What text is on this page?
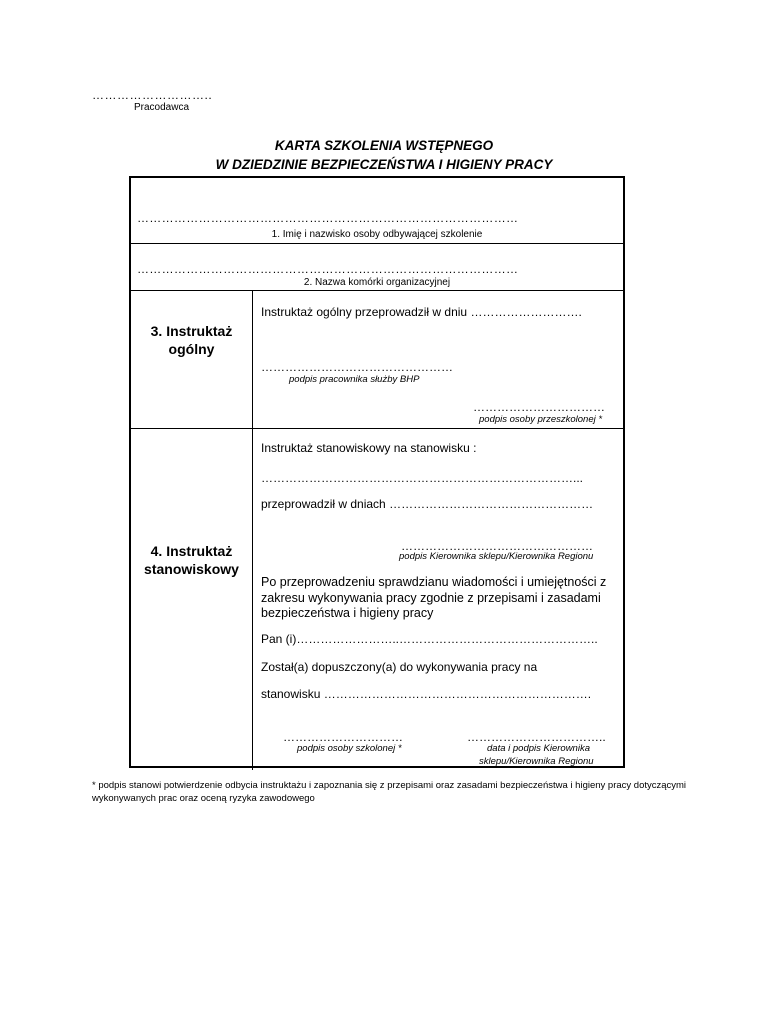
………………………..
Pracodawca
KARTA SZKOLENIA WSTĘPNEGO
W DZIEDZINIE BEZPIECZEŃSTWA I HIGIENY PRACY
…………………………………………………………………………………
1. Imię i nazwisko osoby odbywającej szkolenie
…………………………………………………………………………………
2. Nazwa komórki organizacyjnej
3. Instruktaż ogólny
Instruktaż ogólny przeprowadził w dniu ……………………….
…………………………………………
podpis pracownika służby BHP
……………………………
podpis osoby przeszkolonej *
4. Instruktaż stanowiskowy
Instruktaż stanowiskowy na stanowisku :
……………………………………………………………………...
przeprowadził w dniach ……………………………………………
…………………………………………
podpis Kierownika sklepu/Kierownika Regionu
Po przeprowadzeniu sprawdzianu wiadomości i umiejętności z zakresu wykonywania pracy zgodnie z przepisami i zasadami bezpieczeństwa i higieny pracy
Pan (i)……………………..…………………………………………..
Został(a) dopuszczony(a) do wykonywania pracy na
stanowisku ………………………………………………………….
…………………………
podpis osoby szkolonej *
……………………………..
data i podpis Kierownika
sklepu/Kierownika Regionu
* podpis stanowi potwierdzenie odbycia instruktażu i zapoznania się z przepisami oraz zasadami bezpieczeństwa i higieny pracy dotyczącymi wykonywanych prac oraz oceną ryzyka zawodowego
